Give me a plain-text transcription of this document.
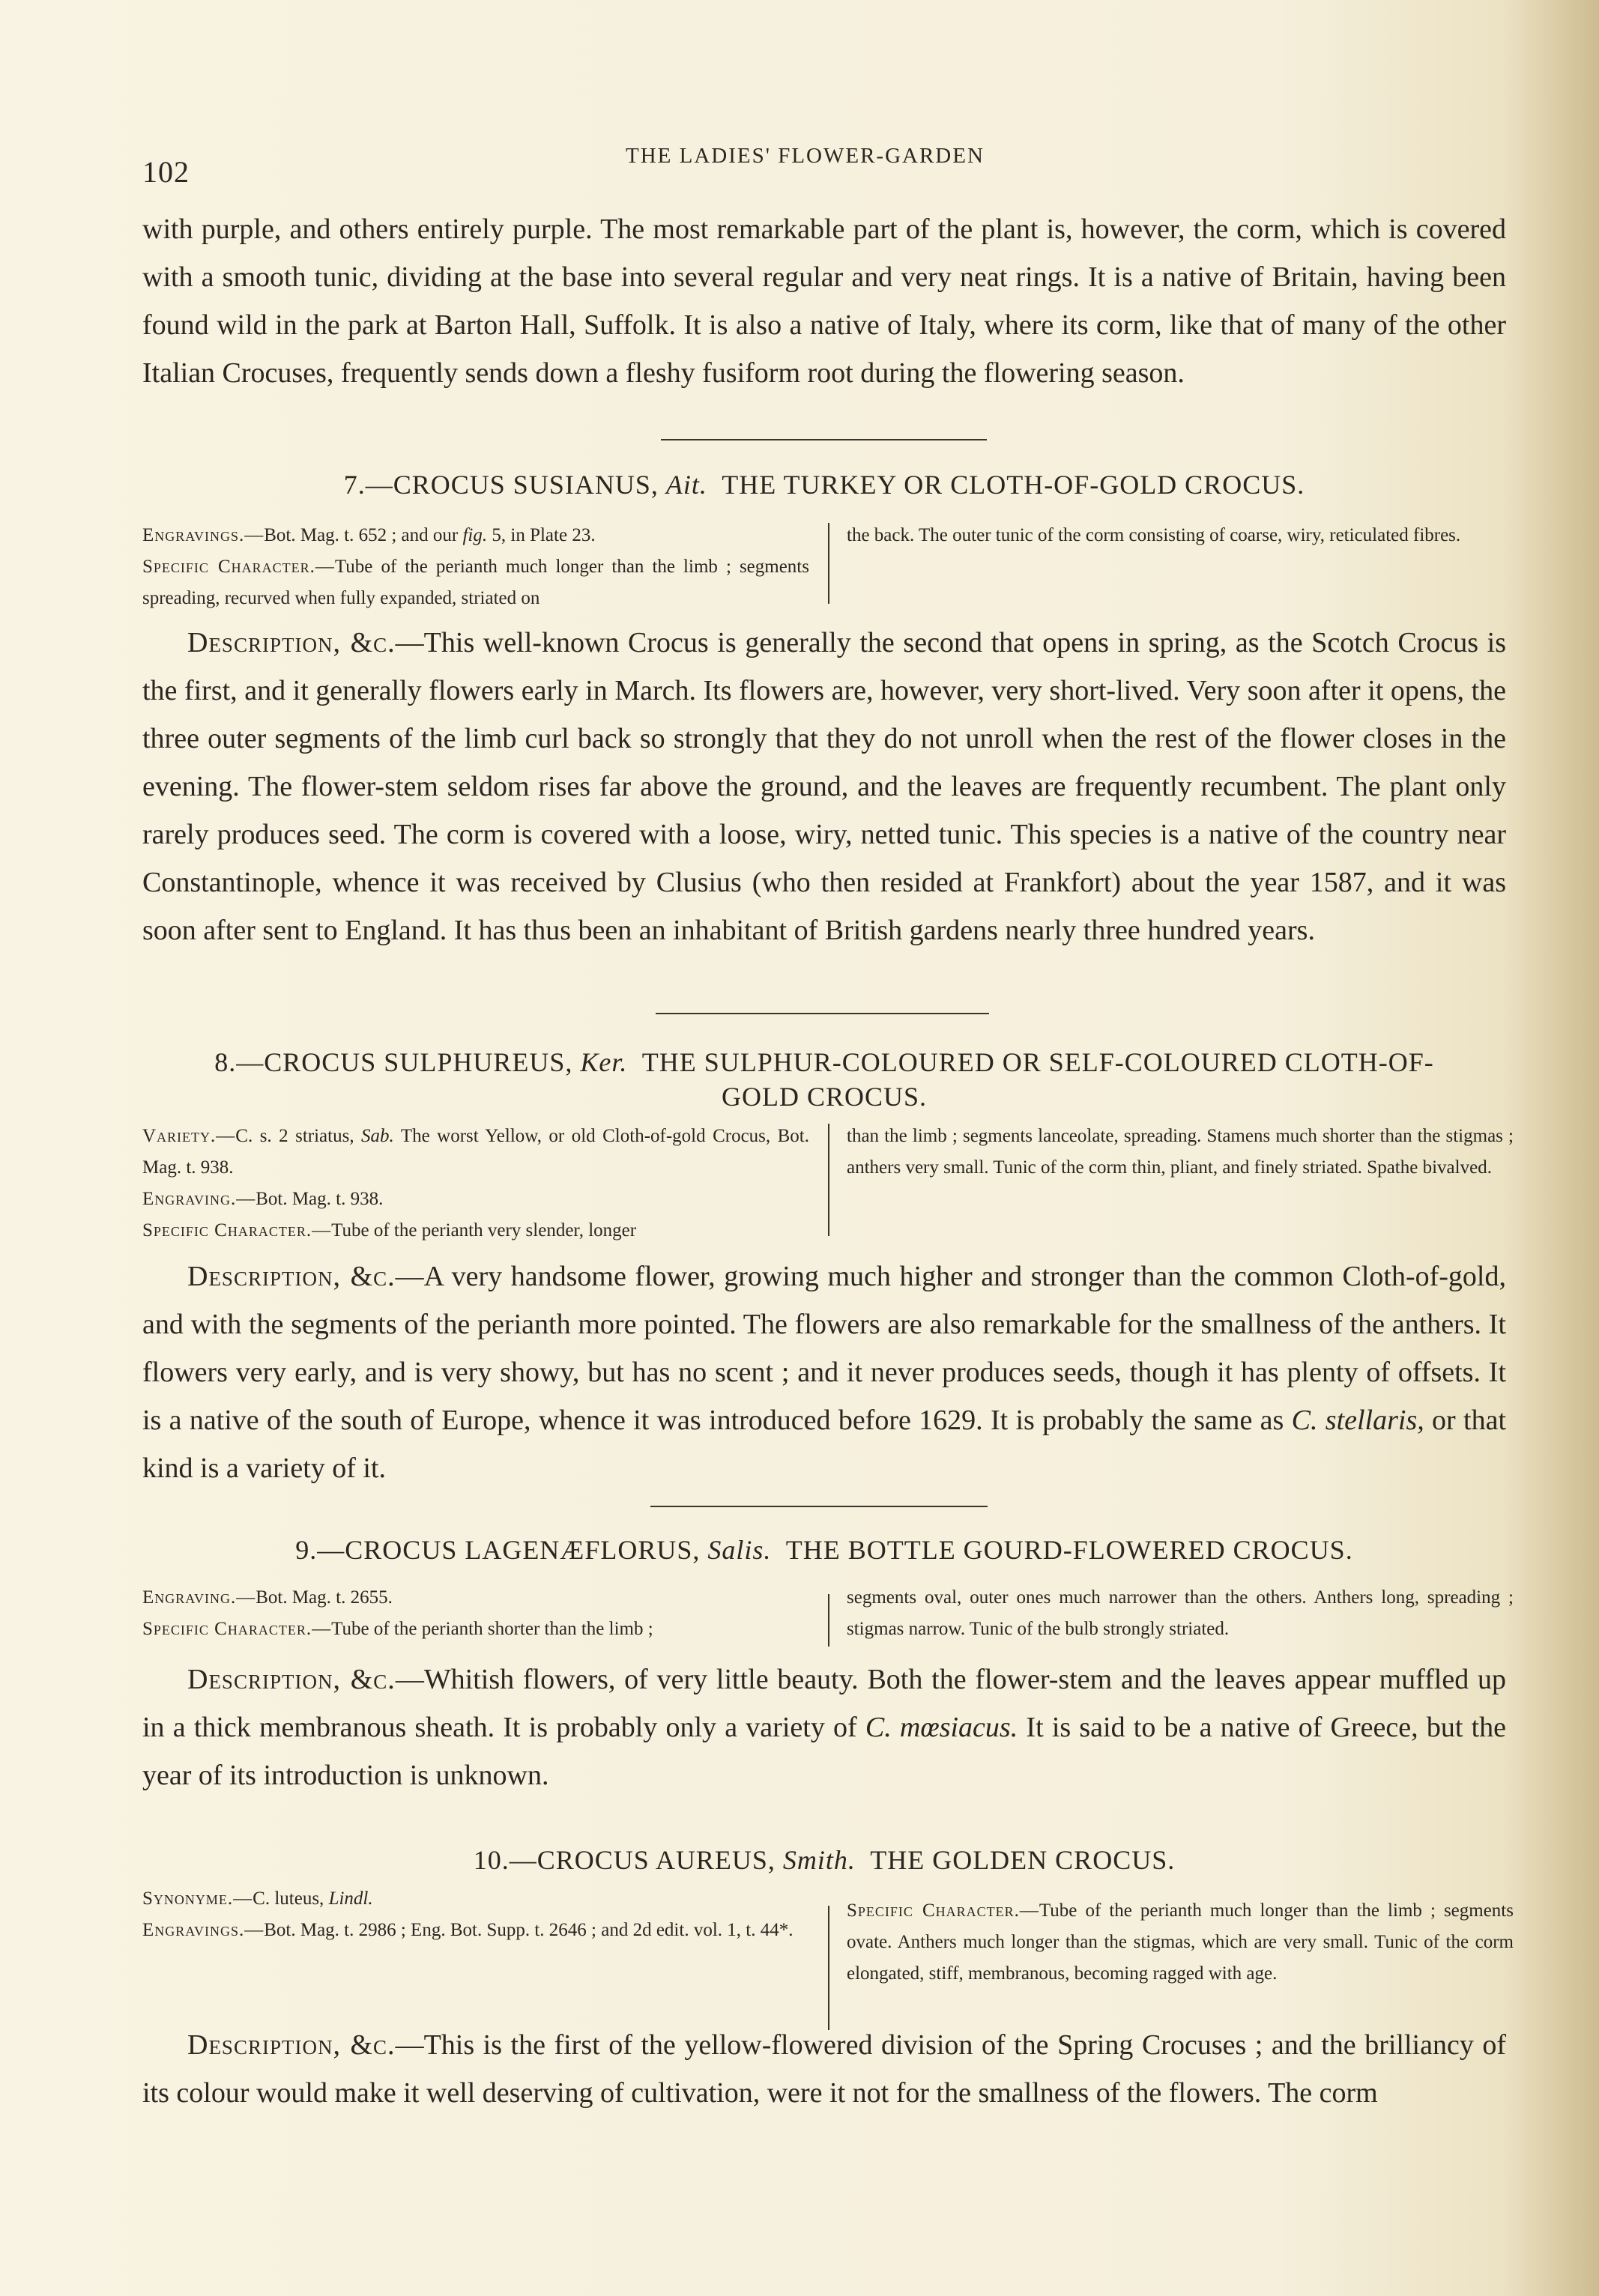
102	THE LADIES' FLOWER-GARDEN
with purple, and others entirely purple. The most remarkable part of the plant is, however, the corm, which is covered with a smooth tunic, dividing at the base into several regular and very neat rings. It is a native of Britain, having been found wild in the park at Barton Hall, Suffolk. It is also a native of Italy, where its corm, like that of many of the other Italian Crocuses, frequently sends down a fleshy fusiform root during the flowering season.
7.—CROCUS SUSIANUS, Ait. THE TURKEY OR CLOTH-OF-GOLD CROCUS.
Engravings.—Bot. Mag. t. 652 ; and our fig. 5, in Plate 23.
Specific Character.—Tube of the perianth much longer than the limb ; segments spreading, recurved when fully expanded, striated on
the back. The outer tunic of the corm consisting of coarse, wiry, reticulated fibres.
Description, &c.—This well-known Crocus is generally the second that opens in spring, as the Scotch Crocus is the first, and it generally flowers early in March. Its flowers are, however, very short-lived. Very soon after it opens, the three outer segments of the limb curl back so strongly that they do not unroll when the rest of the flower closes in the evening. The flower-stem seldom rises far above the ground, and the leaves are frequently recumbent. The plant only rarely produces seed. The corm is covered with a loose, wiry, netted tunic. This species is a native of the country near Constantinople, whence it was received by Clusius (who then resided at Frankfort) about the year 1587, and it was soon after sent to England. It has thus been an inhabitant of British gardens nearly three hundred years.
8.—CROCUS SULPHUREUS, Ker. THE SULPHUR-COLOURED OR SELF-COLOURED CLOTH-OF-
GOLD CROCUS.
Variety.—C. s. 2 striatus, Sab. The worst Yellow, or old Cloth-of-gold Crocus, Bot. Mag. t. 938.
Engraving.—Bot. Mag. t. 938.
Specific Character.—Tube of the perianth very slender, longer
than the limb ; segments lanceolate, spreading. Stamens much shorter than the stigmas ; anthers very small. Tunic of the corm thin, pliant, and finely striated. Spathe bivalved.
Description, &c.—A very handsome flower, growing much higher and stronger than the common Cloth-of-gold, and with the segments of the perianth more pointed. The flowers are also remarkable for the smallness of the anthers. It flowers very early, and is very showy, but has no scent ; and it never produces seeds, though it has plenty of offsets. It is a native of the south of Europe, whence it was introduced before 1629. It is probably the same as C. stellaris, or that kind is a variety of it.
9.—CROCUS LAGENÆFLORUS, Salis. THE BOTTLE GOURD-FLOWERED CROCUS.
Engraving.—Bot. Mag. t. 2655.
Specific Character.—Tube of the perianth shorter than the limb ;
segments oval, outer ones much narrower than the others. Anthers long, spreading ; stigmas narrow. Tunic of the bulb strongly striated.
Description, &c.—Whitish flowers, of very little beauty. Both the flower-stem and the leaves appear muffled up in a thick membranous sheath. It is probably only a variety of C. mœsiacus. It is said to be a native of Greece, but the year of its introduction is unknown.
10.—CROCUS AUREUS, Smith. THE GOLDEN CROCUS.
Synonyme.—C. luteus, Lindl.
Engravings.—Bot. Mag. t. 2986 ; Eng. Bot. Supp. t. 2646 ; and 2d edit. vol. 1, t. 44*.
Specific Character.—Tube of the perianth much longer than the limb ; segments ovate. Anthers much longer than the stigmas, which are very small. Tunic of the corm elongated, stiff, membranous, becoming ragged with age.
Description, &c.—This is the first of the yellow-flowered division of the Spring Crocuses ; and the brilliancy of its colour would make it well deserving of cultivation, were it not for the smallness of the flowers. The corm
